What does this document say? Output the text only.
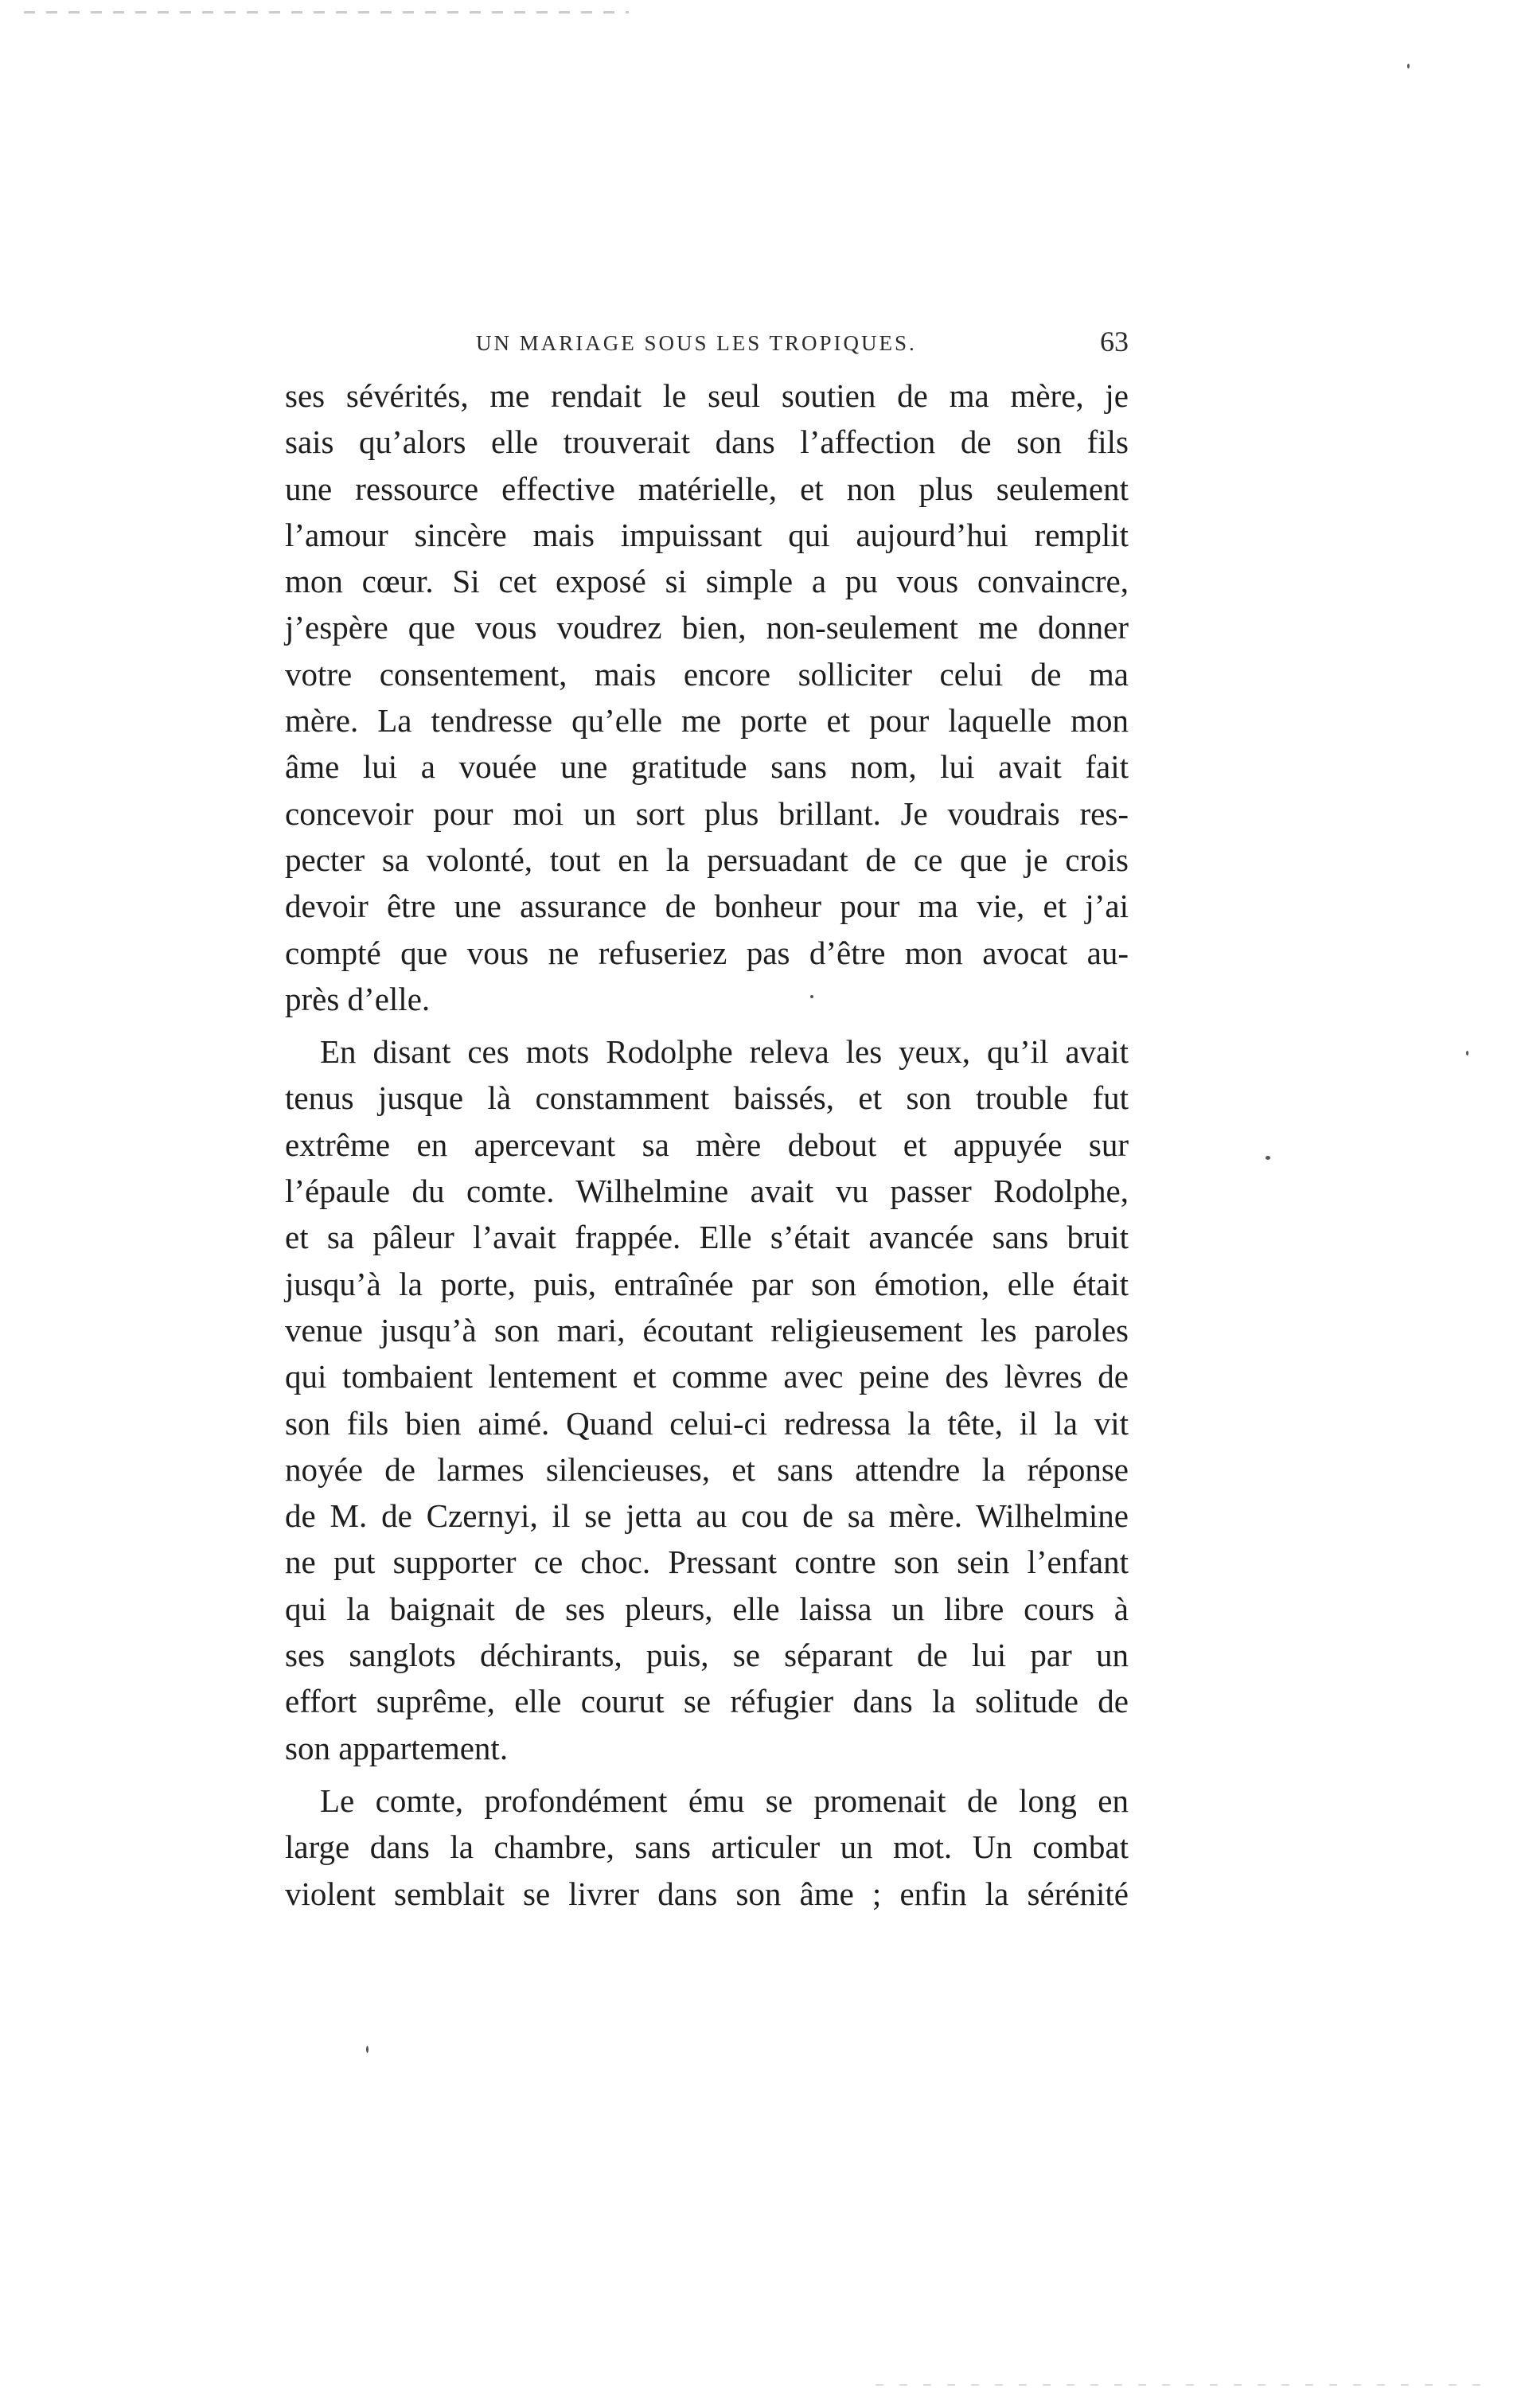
UN MARIAGE SOUS LES TROPIQUES.	63
ses sévérités, me rendait le seul soutien de ma mère, je
sais qu’alors elle trouverait dans l’affection de son fils
une ressource effective matérielle, et non plus seulement
l’amour sincère mais impuissant qui aujourd’hui remplit
mon cœur. Si cet exposé si simple a pu vous convaincre,
j’espère que vous voudrez bien, non-seulement me donner
votre consentement, mais encore solliciter celui de ma
mère. La tendresse qu’elle me porte et pour laquelle mon
âme lui a vouée une gratitude sans nom, lui avait fait
concevoir pour moi un sort plus brillant. Je voudrais res-
pecter sa volonté, tout en la persuadant de ce que je crois
devoir être une assurance de bonheur pour ma vie, et j’ai
compté que vous ne refuseriez pas d’être mon avocat au-
près d’elle.
En disant ces mots Rodolphe releva les yeux, qu’il avait
tenus jusque là constamment baissés, et son trouble fut
extrême en apercevant sa mère debout et appuyée sur
l’épaule du comte. Wilhelmine avait vu passer Rodolphe,
et sa pâleur l’avait frappée. Elle s’était avancée sans bruit
jusqu’à la porte, puis, entraînée par son émotion, elle était
venue jusqu’à son mari, écoutant religieusement les paroles
qui tombaient lentement et comme avec peine des lèvres de
son fils bien aimé. Quand celui-ci redressa la tête, il la vit
noyée de larmes silencieuses, et sans attendre la réponse
de M. de Czernyi, il se jetta au cou de sa mère. Wilhelmine
ne put supporter ce choc. Pressant contre son sein l’enfant
qui la baignait de ses pleurs, elle laissa un libre cours à
ses sanglots déchirants, puis, se séparant de lui par un
effort suprême, elle courut se réfugier dans la solitude de
son appartement.
Le comte, profondément ému se promenait de long en
large dans la chambre, sans articuler un mot. Un combat
violent semblait se livrer dans son âme ; enfin la sérénité
